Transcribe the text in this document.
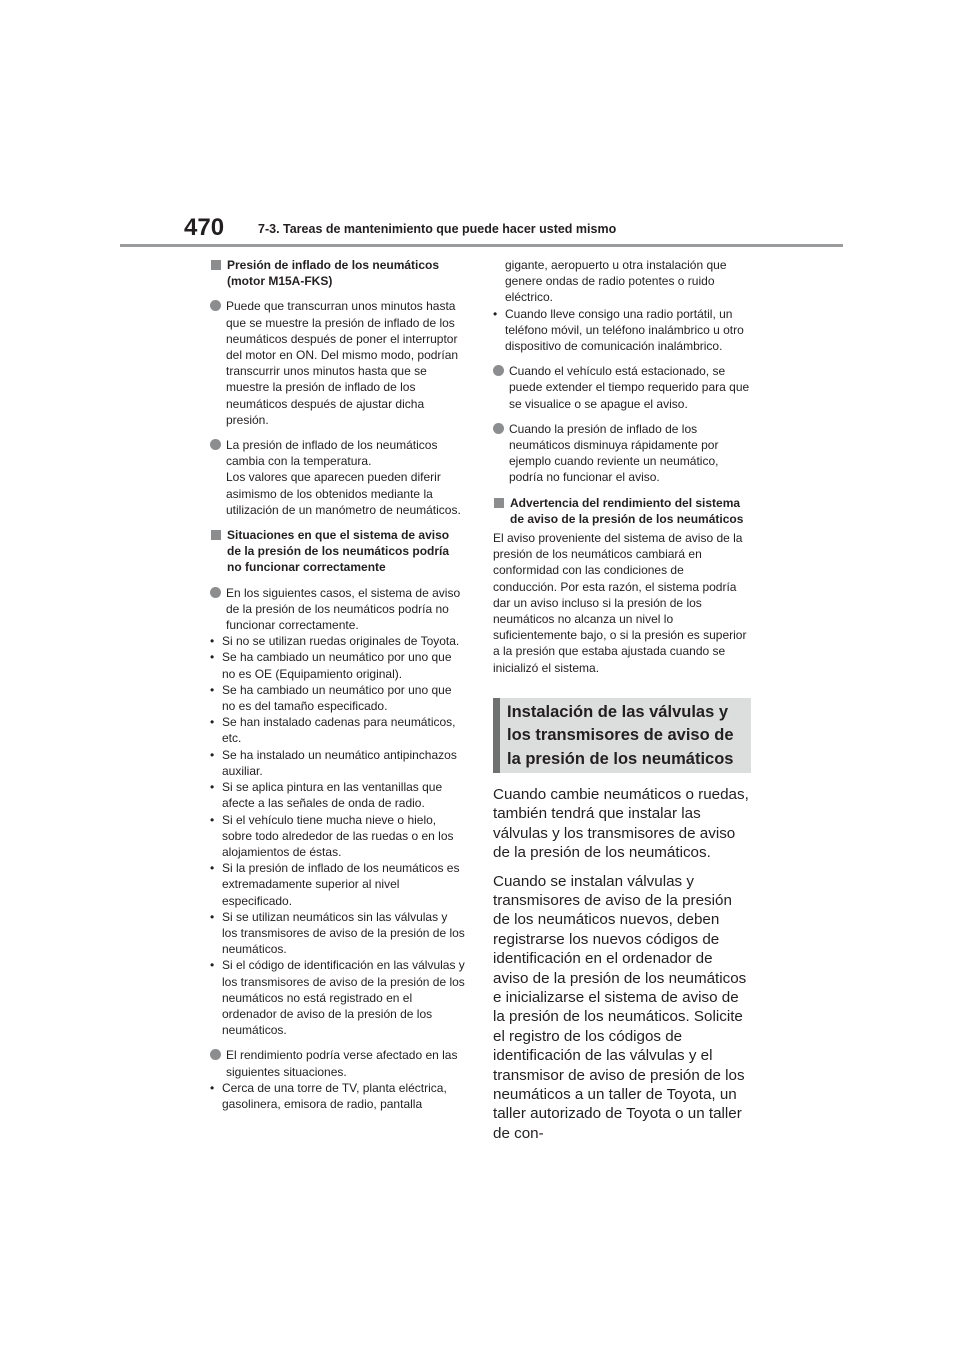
470	7-3. Tareas de mantenimiento que puede hacer usted mismo
Presión de inflado de los neumáticos (motor M15A-FKS)
Puede que transcurran unos minutos hasta que se muestre la presión de inflado de los neumáticos después de poner el interruptor del motor en ON. Del mismo modo, podrían transcurrir unos minutos hasta que se muestre la presión de inflado de los neumáticos después de ajustar dicha presión.
La presión de inflado de los neumáticos cambia con la temperatura.
Los valores que aparecen pueden diferir asimismo de los obtenidos mediante la utilización de un manómetro de neumáticos.
Situaciones en que el sistema de aviso de la presión de los neumáticos podría no funcionar correctamente
En los siguientes casos, el sistema de aviso de la presión de los neumáticos podría no funcionar correctamente.
• Si no se utilizan ruedas originales de Toyota.
• Se ha cambiado un neumático por uno que no es OE (Equipamiento original).
• Se ha cambiado un neumático por uno que no es del tamaño especificado.
• Se han instalado cadenas para neumáticos, etc.
• Se ha instalado un neumático antipinchazos auxiliar.
• Si se aplica pintura en las ventanillas que afecte a las señales de onda de radio.
• Si el vehículo tiene mucha nieve o hielo, sobre todo alrededor de las ruedas o en los alojamientos de éstas.
• Si la presión de inflado de los neumáticos es extremadamente superior al nivel especificado.
• Si se utilizan neumáticos sin las válvulas y los transmisores de aviso de la presión de los neumáticos.
• Si el código de identificación en las válvulas y los transmisores de aviso de la presión de los neumáticos no está registrado en el ordenador de aviso de la presión de los neumáticos.
El rendimiento podría verse afectado en las siguientes situaciones.
• Cerca de una torre de TV, planta eléctrica, gasolinera, emisora de radio, pantalla
gigante, aeropuerto u otra instalación que genere ondas de radio potentes o ruido eléctrico.
• Cuando lleve consigo una radio portátil, un teléfono móvil, un teléfono inalámbrico u otro dispositivo de comunicación inalámbrico.
Cuando el vehículo está estacionado, se puede extender el tiempo requerido para que se visualice o se apague el aviso.
Cuando la presión de inflado de los neumáticos disminuya rápidamente por ejemplo cuando reviente un neumático, podría no funcionar el aviso.
Advertencia del rendimiento del sistema de aviso de la presión de los neumáticos
El aviso proveniente del sistema de aviso de la presión de los neumáticos cambiará en conformidad con las condiciones de conducción. Por esta razón, el sistema podría dar un aviso incluso si la presión de los neumáticos no alcanza un nivel lo suficientemente bajo, o si la presión es superior a la presión que estaba ajustada cuando se inicializó el sistema.
Instalación de las válvulas y los transmisores de aviso de la presión de los neumáticos
Cuando cambie neumáticos o ruedas, también tendrá que instalar las válvulas y los transmisores de aviso de la presión de los neumáticos.
Cuando se instalan válvulas y transmisores de aviso de la presión de los neumáticos nuevos, deben registrarse los nuevos códigos de identificación en el ordenador de aviso de la presión de los neumáticos e inicializarse el sistema de aviso de la presión de los neumáticos. Solicite el registro de los códigos de identificación de las válvulas y el transmisor de aviso de presión de los neumáticos a un taller de Toyota, un taller autorizado de Toyota o un taller de con-
